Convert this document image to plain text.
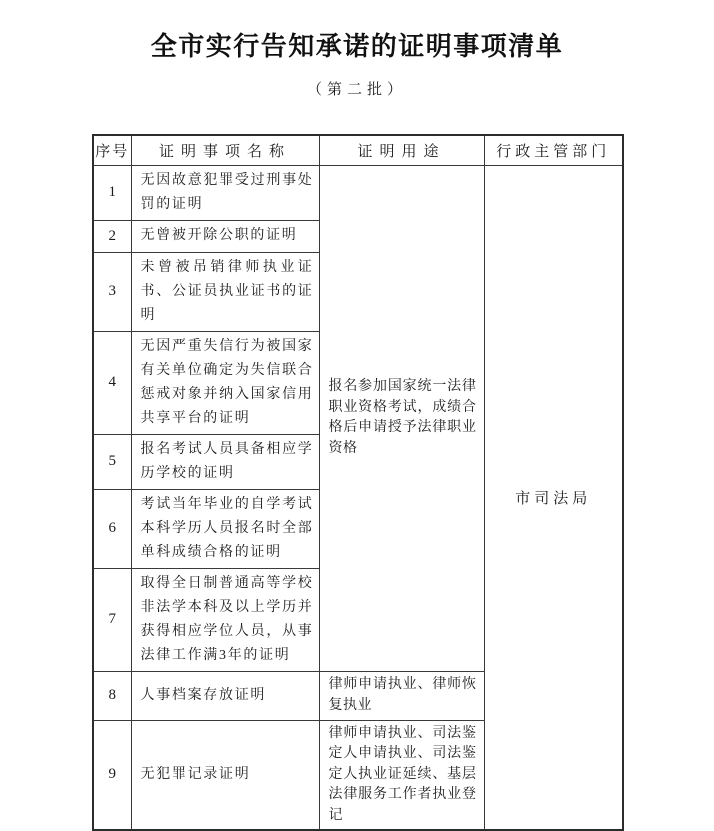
全市实行告知承诺的证明事项清单
（第二批）
序号	证明事项名称	证明用途	行政主管部门
1	无因故意犯罪受过刑事处罚的证明	报名参加国家统一法律职业资格考试，成绩合格后申请授予法律职业资格	市司法局
2	无曾被开除公职的证明		
3	未曾被吊销律师执业证书、公证员执业证书的证明		
4	无因严重失信行为被国家有关单位确定为失信联合惩戒对象并纳入国家信用共享平台的证明		
5	报名考试人员具备相应学历学校的证明		
6	考试当年毕业的自学考试本科学历人员报名时全部单科成绩合格的证明		
7	取得全日制普通高等学校非法学本科及以上学历并获得相应学位人员，从事法律工作满3年的证明		
8	人事档案存放证明	律师申请执业、律师恢复执业	
9	无犯罪记录证明	律师申请执业、司法鉴定人申请执业、司法鉴定人执业证延续、基层法律服务工作者执业登记	
